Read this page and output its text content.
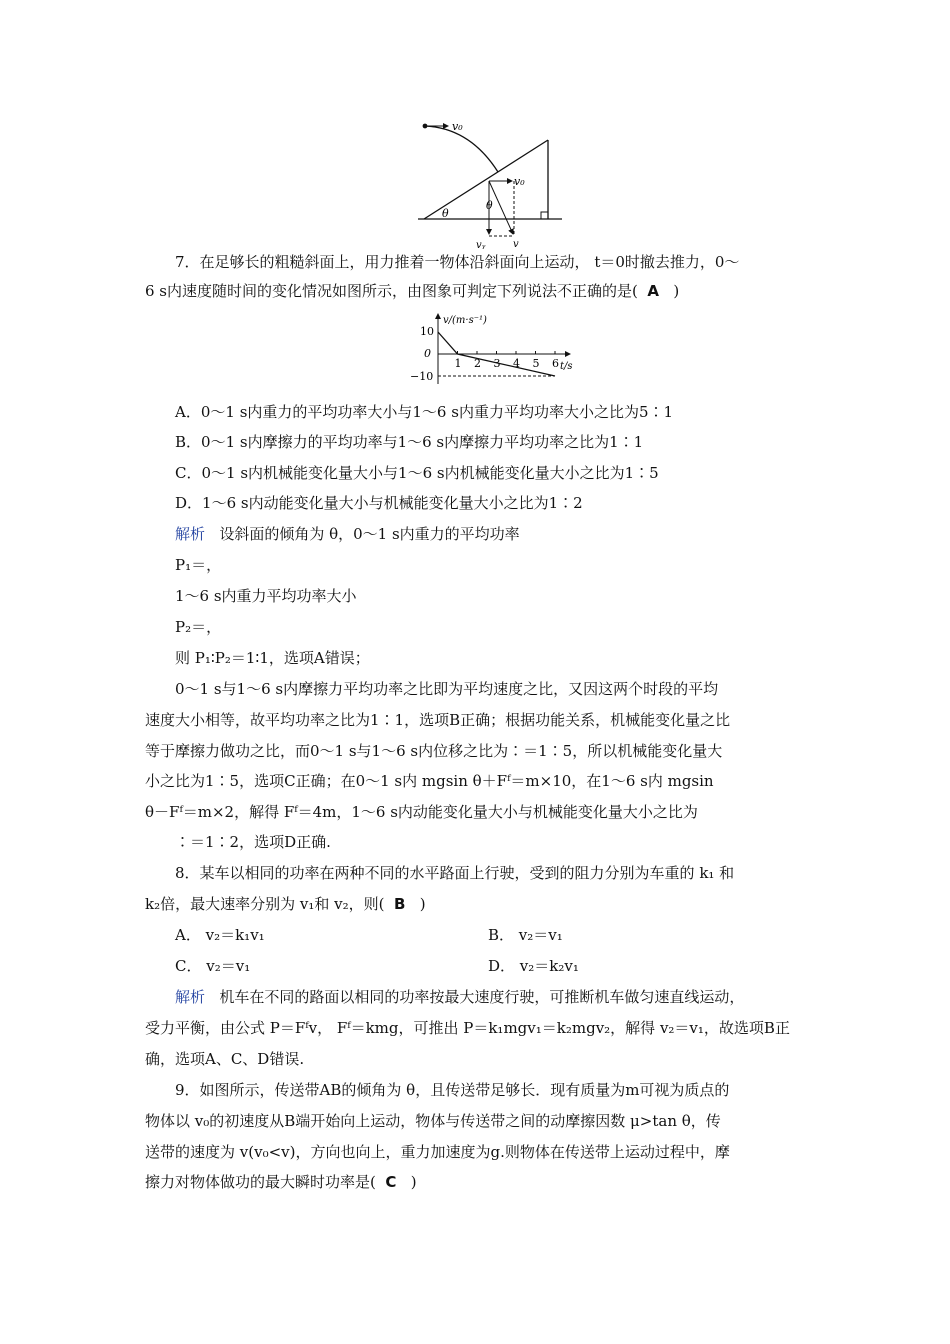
v₀
v₀
θ
θ
vᵧ	v
7．在足够长的粗糙斜面上，用力推着一物体沿斜面向上运动， t＝0时撤去推力，0～
6 s内速度随时间的变化情况如图所示，由图象可判定下列说法不正确的是( A )
v/(m·s⁻¹)
t/s
10
0
−10
1 2 3 4 5 6
A．0～1 s内重力的平均功率大小与1～6 s内重力平均功率大小之比为5∶1
B．0～1 s内摩擦力的平均功率与1～6 s内摩擦力平均功率之比为1∶1
C．0～1 s内机械能变化量大小与1～6 s内机械能变化量大小之比为1∶5
D．1～6 s内动能变化量大小与机械能变化量大小之比为1∶2
解析 设斜面的倾角为 θ，0～1 s内重力的平均功率
P₁＝，
1～6 s内重力平均功率大小
P₂＝，
则 P₁∶P₂＝1∶1，选项A错误；
0～1 s与1～6 s内摩擦力平均功率之比即为平均速度之比，又因这两个时段的平均
速度大小相等，故平均功率之比为1∶1，选项B正确；根据功能关系，机械能变化量之比
等于摩擦力做功之比，而0～1 s与1～6 s内位移之比为∶＝1∶5，所以机械能变化量大
小之比为1∶5，选项C正确；在0～1 s内 mgsin θ＋Fᶠ＝m×10，在1～6 s内 mgsin
θ－Fᶠ＝m×2，解得 Fᶠ＝4m，1～6 s内动能变化量大小与机械能变化量大小之比为
∶＝1∶2，选项D正确.
8．某车以相同的功率在两种不同的水平路面上行驶，受到的阻力分别为车重的 k₁ 和
k₂倍，最大速率分别为 v₁和 v₂，则( B )
A． v₂＝k₁v₁	B． v₂＝v₁
C． v₂＝v₁	D． v₂＝k₂v₁
解析 机车在不同的路面以相同的功率按最大速度行驶，可推断机车做匀速直线运动，
受力平衡，由公式 P＝Fᶠv， Fᶠ＝kmg，可推出 P＝k₁mgv₁＝k₂mgv₂，解得 v₂＝v₁，故选项B正
确，选项A、C、D错误.
9．如图所示，传送带AB的倾角为 θ，且传送带足够长．现有质量为m可视为质点的
物体以 v₀的初速度从B端开始向上运动，物体与传送带之间的动摩擦因数 μ>tan θ，传
送带的速度为 v(v₀<v)，方向也向上，重力加速度为g.则物体在传送带上运动过程中，摩
擦力对物体做功的最大瞬时功率是( C )
